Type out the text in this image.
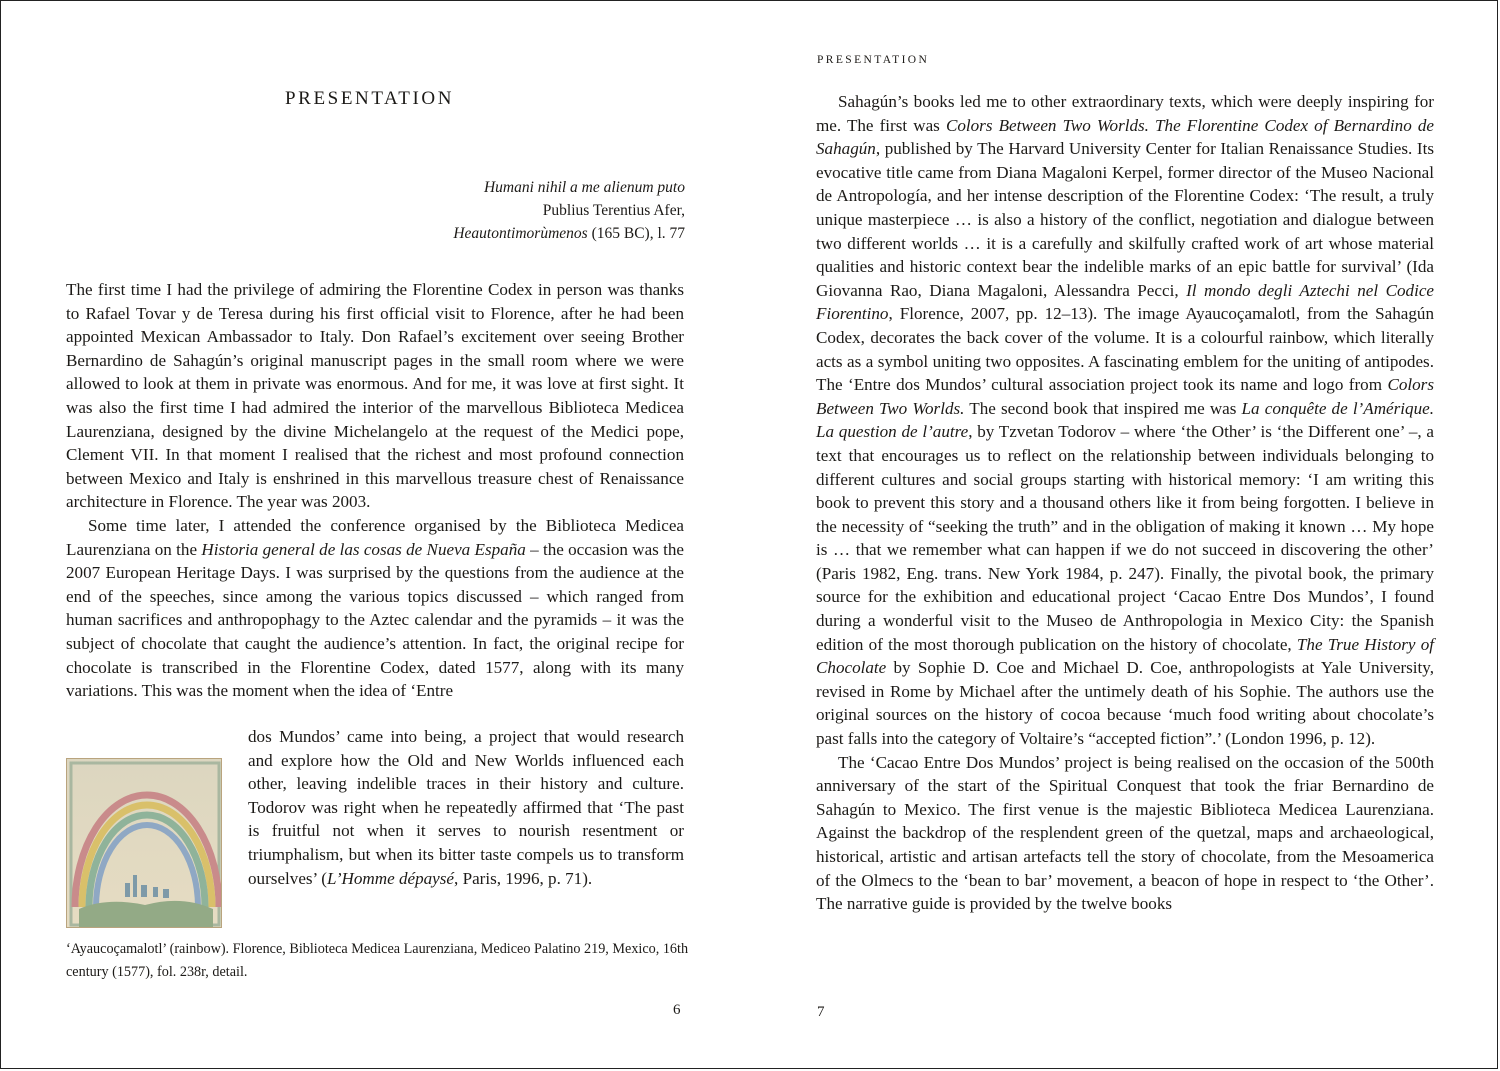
PRESENTATION
Humani nihil a me alienum puto
Publius Terentius Afer,
Heautontimorùmenos (165 BC), l. 77

The first time I had the privilege of admiring the Florentine Codex in person was thanks to Rafael Tovar y de Teresa during his first official visit to Florence, after he had been appointed Mexican Ambassador to Italy. Don Rafael’s excitement over seeing Brother Bernardino de Sahagún’s original manuscript pages in the small room where we were allowed to look at them in private was enormous. And for me, it was love at first sight. It was also the first time I had admired the interior of the marvellous Biblioteca Medicea Laurenziana, designed by the divine Michelangelo at the request of the Medici pope, Clement VII. In that moment I realised that the richest and most profound connection between Mexico and Italy is enshrined in this marvellous treasure chest of Renaissance architecture in Florence. The year was 2003.

Some time later, I attended the conference organised by the Biblioteca Medicea Laurenziana on the Historia general de las cosas de Nueva España – the occasion was the 2007 European Heritage Days. I was surprised by the questions from the audience at the end of the speeches, since among the various topics discussed – which ranged from human sacrifices and anthropophagy to the Aztec calendar and the pyramids – it was the subject of chocolate that caught the audience’s attention. In fact, the original recipe for chocolate is transcribed in the Florentine Codex, dated 1577, along with its many variations. This was the moment when the idea of ‘Entre

dos Mundos’ came into being, a project that would research and explore how the Old and New Worlds influenced each other, leaving indelible traces in their history and culture. Todorov was right when he repeatedly affirmed that ‘The past is fruitful not when it serves to nourish resentment or triumphalism, but when its bitter taste compels us to transform ourselves’ (L’Homme dépaysé, Paris, 1996, p. 71).

‘Ayaucoçamalotl’ (rainbow). Florence, Biblioteca Medicea Laurenziana, Mediceo Palatino 219, Mexico, 16th century (1577), fol. 238r, detail.

6
PRESENTATION

Sahagún’s books led me to other extraordinary texts, which were deeply inspiring for me. The first was Colors Between Two Worlds. The Florentine Codex of Bernardino de Sahagún, published by The Harvard University Center for Italian Renaissance Studies. Its evocative title came from Diana Magaloni Kerpel, former director of the Museo Nacional de Antropología, and her intense description of the Florentine Codex: ‘The result, a truly unique masterpiece … is also a history of the conflict, negotiation and dialogue between two different worlds … it is a carefully and skilfully crafted work of art whose material qualities and historic context bear the indelible marks of an epic battle for survival’ (Ida Giovanna Rao, Diana Magaloni, Alessandra Pecci, Il mondo degli Aztechi nel Codice Fiorentino, Florence, 2007, pp. 12–13). The image Ayaucoçamalotl, from the Sahagún Codex, decorates the back cover of the volume. It is a colourful rainbow, which literally acts as a symbol uniting two opposites. A fascinating emblem for the uniting of antipodes. The ‘Entre dos Mundos’ cultural association project took its name and logo from Colors Between Two Worlds. The second book that inspired me was La conquête de l’Amérique. La question de l’autre, by Tzvetan Todorov – where ‘the Other’ is ‘the Different one’ –, a text that encourages us to reflect on the relationship between individuals belonging to different cultures and social groups starting with historical memory: ‘I am writing this book to prevent this story and a thousand others like it from being forgotten. I believe in the necessity of “seeking the truth” and in the obligation of making it known … My hope is … that we remember what can happen if we do not succeed in discovering the other’ (Paris 1982, Eng. trans. New York 1984, p. 247). Finally, the pivotal book, the primary source for the exhibition and educational project ‘Cacao Entre Dos Mundos’, I found during a wonderful visit to the Museo de Anthropologia in Mexico City: the Spanish edition of the most thorough publication on the history of chocolate, The True History of Chocolate by Sophie D. Coe and Michael D. Coe, anthropologists at Yale University, revised in Rome by Michael after the untimely death of his Sophie. The authors use the original sources on the history of cocoa because ‘much food writing about chocolate’s past falls into the category of Voltaire’s “accepted fiction”.’ (London 1996, p. 12).

The ‘Cacao Entre Dos Mundos’ project is being realised on the occasion of the 500th anniversary of the start of the Spiritual Conquest that took the friar Bernardino de Sahagún to Mexico. The first venue is the majestic Biblioteca Medicea Laurenziana. Against the backdrop of the resplendent green of the quetzal, maps and archaeological, historical, artistic and artisan artefacts tell the story of chocolate, from the Mesoamerica of the Olmecs to the ‘bean to bar’ movement, a beacon of hope in respect to ‘the Other’. The narrative guide is provided by the twelve books

7
